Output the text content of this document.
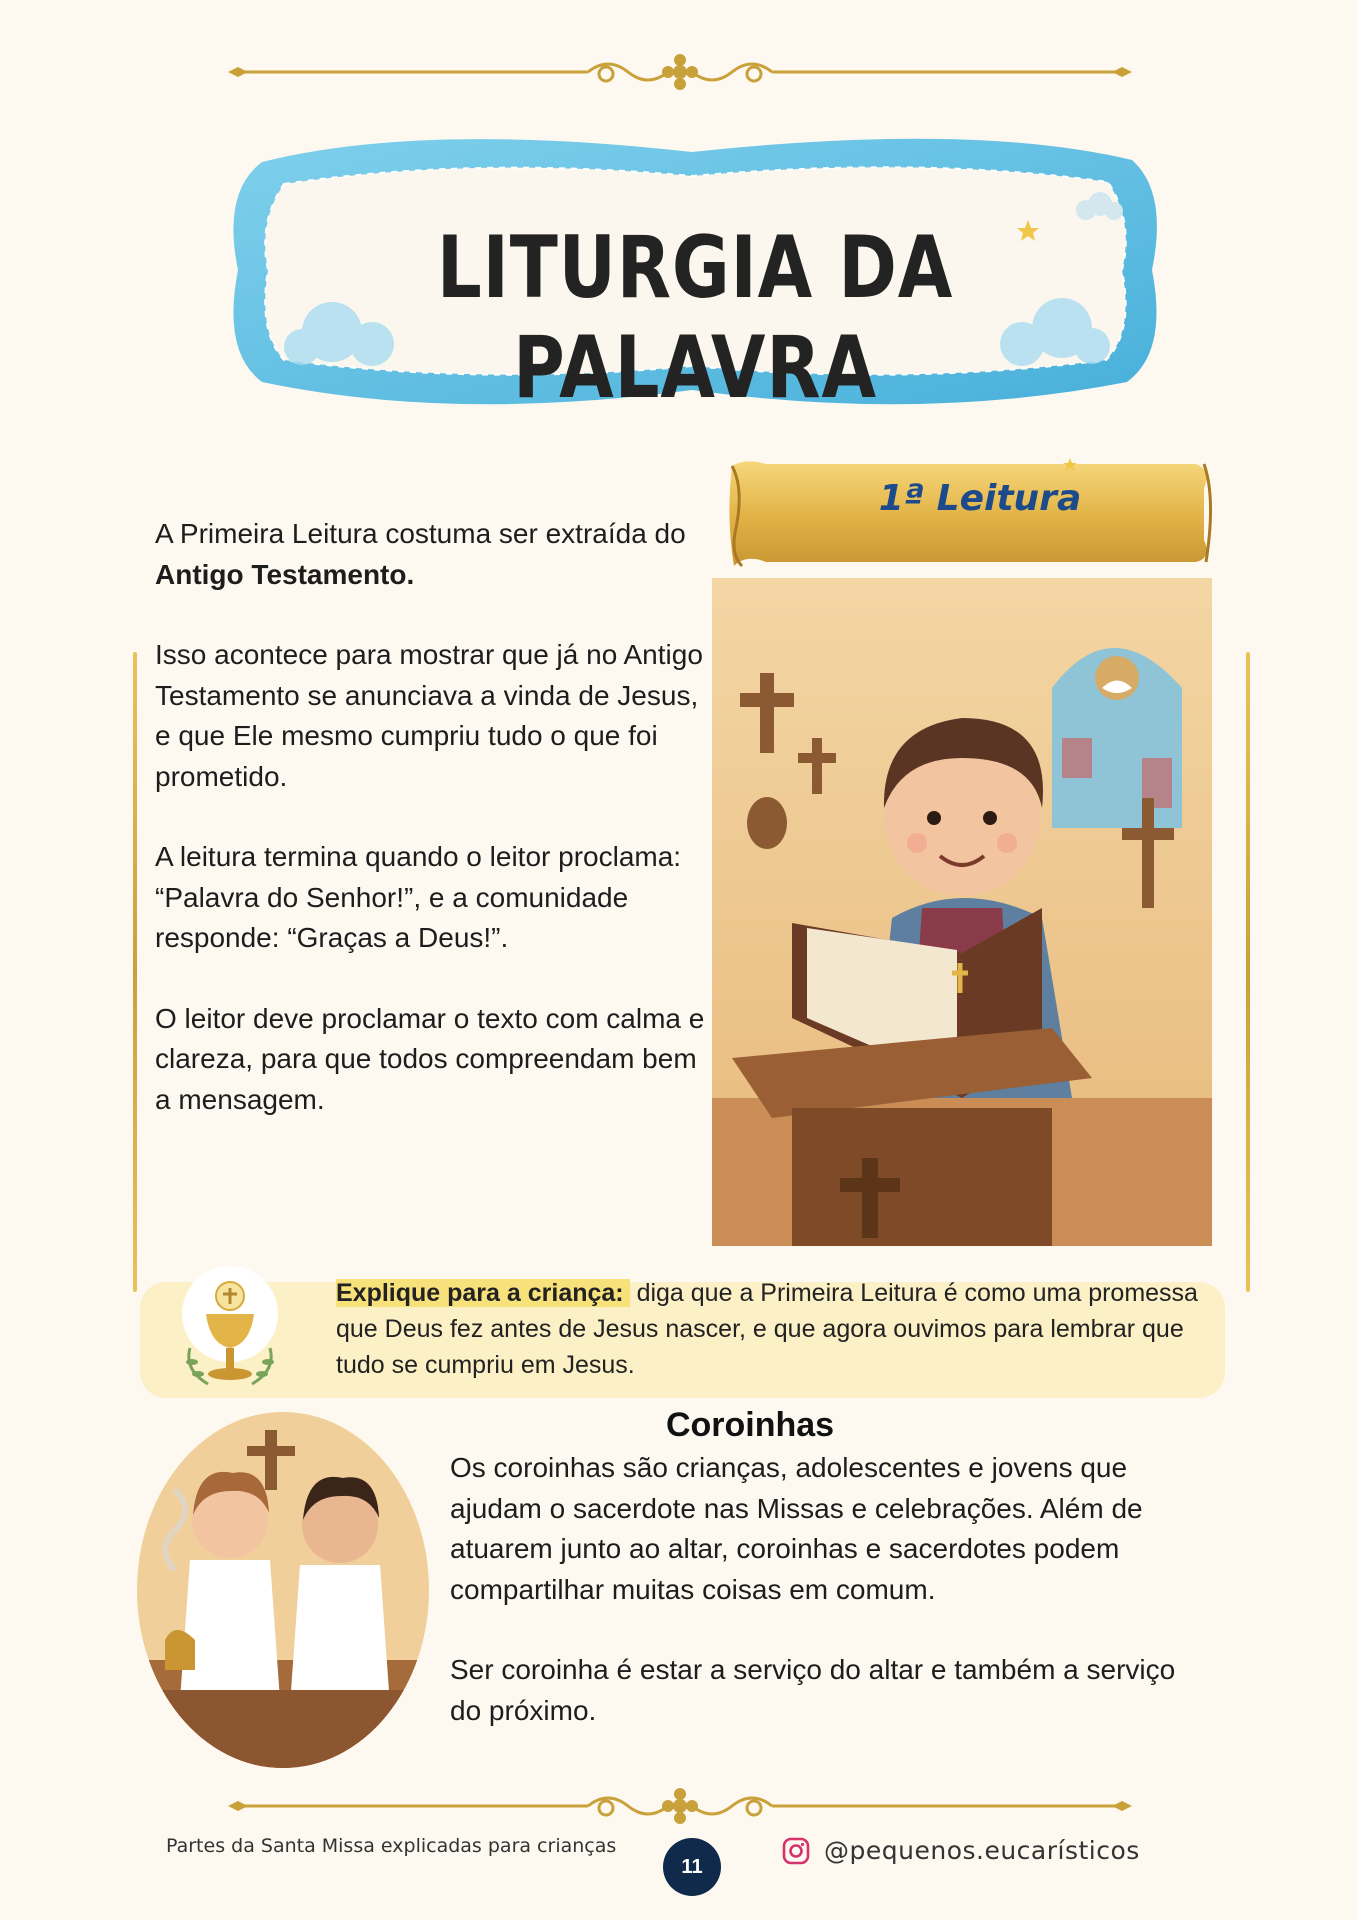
LITURGIA DA PALAVRA
1ª Leitura

A Primeira Leitura costuma ser extraída do Antigo Testamento.

Isso acontece para mostrar que já no Antigo Testamento se anunciava a vinda de Jesus, e que Ele mesmo cumpriu tudo o que foi prometido.

A leitura termina quando o leitor proclama: “Palavra do Senhor!”, e a comunidade responde: “Graças a Deus!”.

O leitor deve proclamar o texto com calma e clareza, para que todos compreendam bem a mensagem.

Explique para a criança: diga que a Primeira Leitura é como uma promessa que Deus fez antes de Jesus nascer, e que agora ouvimos para lembrar que tudo se cumpriu em Jesus.
Coroinhas

Os coroinhas são crianças, adolescentes e jovens que ajudam o sacerdote nas Missas e celebrações. Além de atuarem junto ao altar, coroinhas e sacerdotes podem compartilhar muitas coisas em comum.

Ser coroinha é estar a serviço do altar e também a serviço do próximo.

Partes da Santa Missa explicadas para crianças
11
@pequenos.eucarísticos
